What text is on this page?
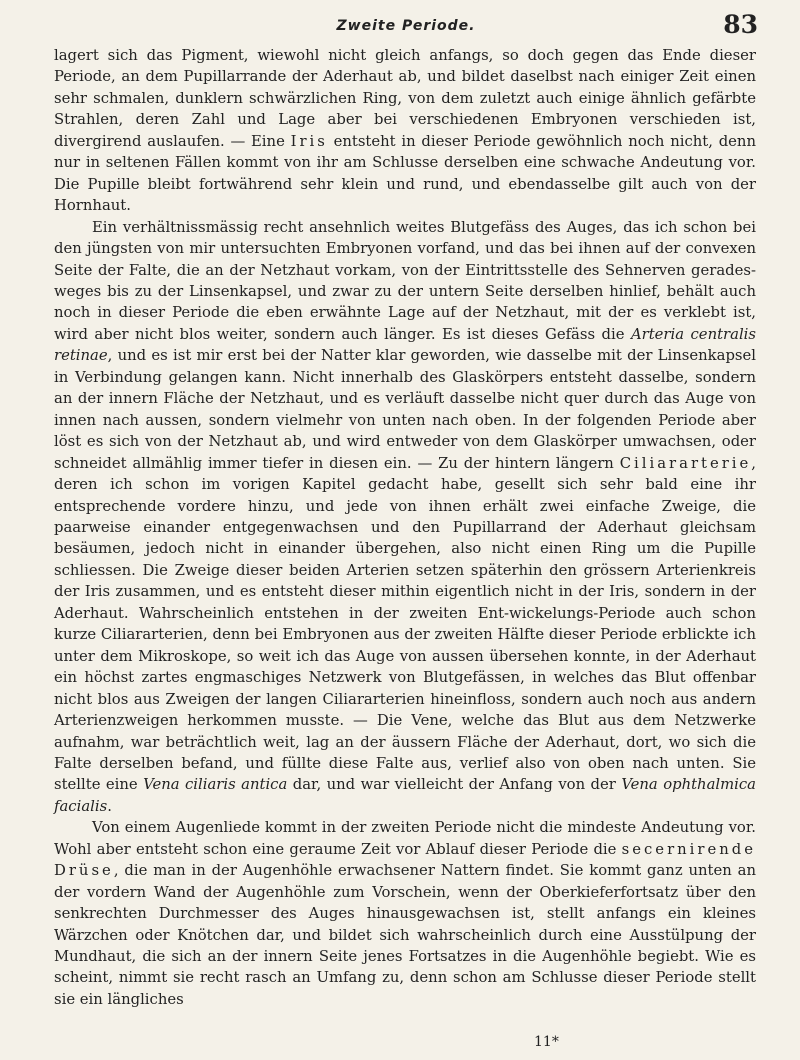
Zweite Periode.	83

lagert sich das Pigment, wiewohl nicht gleich anfangs, so doch gegen das Ende dieser Periode, an dem Pupillarrande der Aderhaut ab, und bildet daselbst nach einiger Zeit einen sehr schmalen, dunklern schwärzlichen Ring, von dem zuletzt auch einige ähnlich gefärbte Strahlen, deren Zahl und Lage aber bei verschiedenen Embryonen verschieden ist, divergirend auslaufen. — Eine Iris entsteht in dieser Periode gewöhnlich noch nicht, denn nur in seltenen Fällen kommt von ihr am Schlusse derselben eine schwache Andeutung vor. Die Pupille bleibt fortwährend sehr klein und rund, und ebendasselbe gilt auch von der Hornhaut.

Ein verhältnissmässig recht ansehnlich weites Blutgefäss des Auges, das ich schon bei den jüngsten von mir untersuchten Embryonen vorfand, und das bei ihnen auf der convexen Seite der Falte, die an der Netzhaut vorkam, von der Eintrittsstelle des Sehnerven gerades-weges bis zu der Linsenkapsel, und zwar zu der untern Seite derselben hinlief, behält auch noch in dieser Periode die eben erwähnte Lage auf der Netzhaut, mit der es verklebt ist, wird aber nicht blos weiter, sondern auch länger. Es ist dieses Gefäss die Arteria centralis retinae, und es ist mir erst bei der Natter klar geworden, wie dasselbe mit der Linsenkapsel in Verbindung gelangen kann. Nicht innerhalb des Glaskörpers entsteht dasselbe, sondern an der innern Fläche der Netzhaut, und es verläuft dasselbe nicht quer durch das Auge von innen nach aussen, sondern vielmehr von unten nach oben. In der folgenden Periode aber löst es sich von der Netzhaut ab, und wird entweder von dem Glaskörper umwachsen, oder schneidet allmählig immer tiefer in diesen ein. — Zu der hintern längern Ciliararterie, deren ich schon im vorigen Kapitel gedacht habe, gesellt sich sehr bald eine ihr entsprechende vordere hinzu, und jede von ihnen erhält zwei einfache Zweige, die paarweise einander entgegenwachsen und den Pupillarrand der Aderhaut gleichsam besäumen, jedoch nicht in einander übergehen, also nicht einen Ring um die Pupille schliessen. Die Zweige dieser beiden Arterien setzen späterhin den grössern Arterienkreis der Iris zusammen, und es entsteht dieser mithin eigentlich nicht in der Iris, sondern in der Aderhaut. Wahrscheinlich entstehen in der zweiten Ent-wickelungs-Periode auch schon kurze Ciliararterien, denn bei Embryonen aus der zweiten Hälfte dieser Periode erblickte ich unter dem Mikroskope, so weit ich das Auge von aussen übersehen konnte, in der Aderhaut ein höchst zartes engmaschiges Netzwerk von Blutgefässen, in welches das Blut offenbar nicht blos aus Zweigen der langen Ciliararterien hineinfloss, sondern auch noch aus andern Arterienzweigen herkommen musste. — Die Vene, welche das Blut aus dem Netzwerke aufnahm, war beträchtlich weit, lag an der äussern Fläche der Aderhaut, dort, wo sich die Falte derselben befand, und füllte diese Falte aus, verlief also von oben nach unten. Sie stellte eine Vena ciliaris antica dar, und war vielleicht der Anfang von der Vena ophthalmica facialis.

Von einem Augenliede kommt in der zweiten Periode nicht die mindeste Andeutung vor. Wohl aber entsteht schon eine geraume Zeit vor Ablauf dieser Periode die secernirende Drüse, die man in der Augenhöhle erwachsener Nattern findet. Sie kommt ganz unten an der vordern Wand der Augenhöhle zum Vorschein, wenn der Oberkieferfortsatz über den senkrechten Durchmesser des Auges hinausgewachsen ist, stellt anfangs ein kleines Wärzchen oder Knötchen dar, und bildet sich wahrscheinlich durch eine Ausstülpung der Mundhaut, die sich an der innern Seite jenes Fortsatzes in die Augenhöhle begiebt. Wie es scheint, nimmt sie recht rasch an Umfang zu, denn schon am Schlusse dieser Periode stellt sie ein längliches

11*
